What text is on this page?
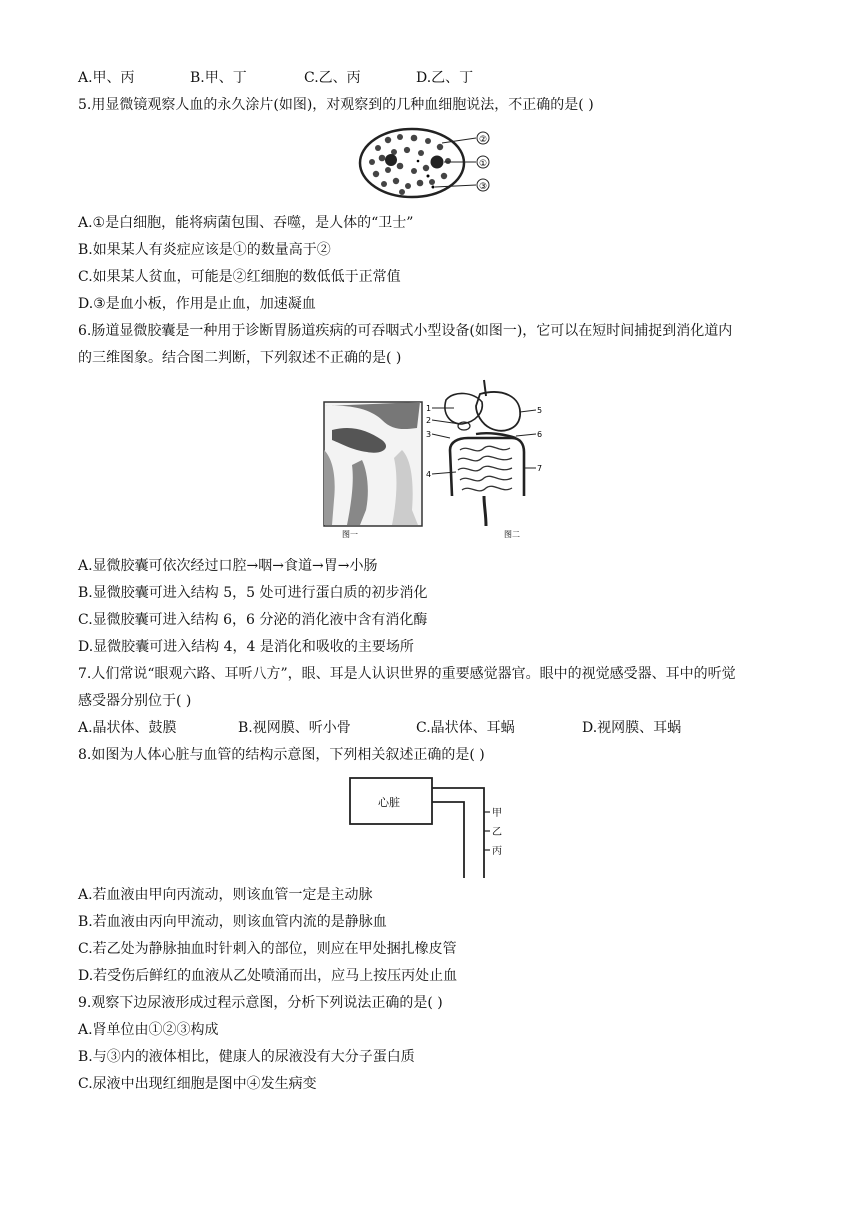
A.甲、丙	B.甲、丁	C.乙、丙	D.乙、丁
5.用显微镜观察人血的永久涂片(如图)，对观察到的几种血细胞说法，不正确的是( )
②
①
③
A.①是白细胞，能将病菌包围、吞噬，是人体的“卫士”
B.如果某人有炎症应该是①的数量高于②
C.如果某人贫血，可能是②红细胞的数低低于正常值
D.③是血小板，作用是止血，加速凝血
6.肠道显微胶囊是一种用于诊断胃肠道疾病的可吞咽式小型设备(如图一)，它可以在短时间捕捉到消化道内
的三维图象。结合图二判断，下列叙述不正确的是( )
图一
1
2
3
4
5
6
7
图二
A.显微胶囊可依次经过口腔→咽→食道→胃→小肠
B.显微胶囊可进入结构 5，5 处可进行蛋白质的初步消化
C.显微胶囊可进入结构 6，6 分泌的消化液中含有消化酶
D.显微胶囊可进入结构 4，4 是消化和吸收的主要场所
7.人们常说“眼观六路、耳听八方”，眼、耳是人认识世界的重要感觉器官。眼中的视觉感受器、耳中的听觉
感受器分别位于( )
A.晶状体、鼓膜	B.视网膜、听小骨	C.晶状体、耳蜗	D.视网膜、耳蜗
8.如图为人体心脏与血管的结构示意图，下列相关叙述正确的是( )
心脏
甲
乙
丙
A.若血液由甲向丙流动，则该血管一定是主动脉
B.若血液由丙向甲流动，则该血管内流的是静脉血
C.若乙处为静脉抽血时针刺入的部位，则应在甲处捆扎橡皮管
D.若受伤后鲜红的血液从乙处喷涌而出，应马上按压丙处止血
9.观察下边尿液形成过程示意图，分析下列说法正确的是( )
A.肾单位由①②③构成
B.与③内的液体相比，健康人的尿液没有大分子蛋白质
C.尿液中出现红细胞是图中④发生病变
